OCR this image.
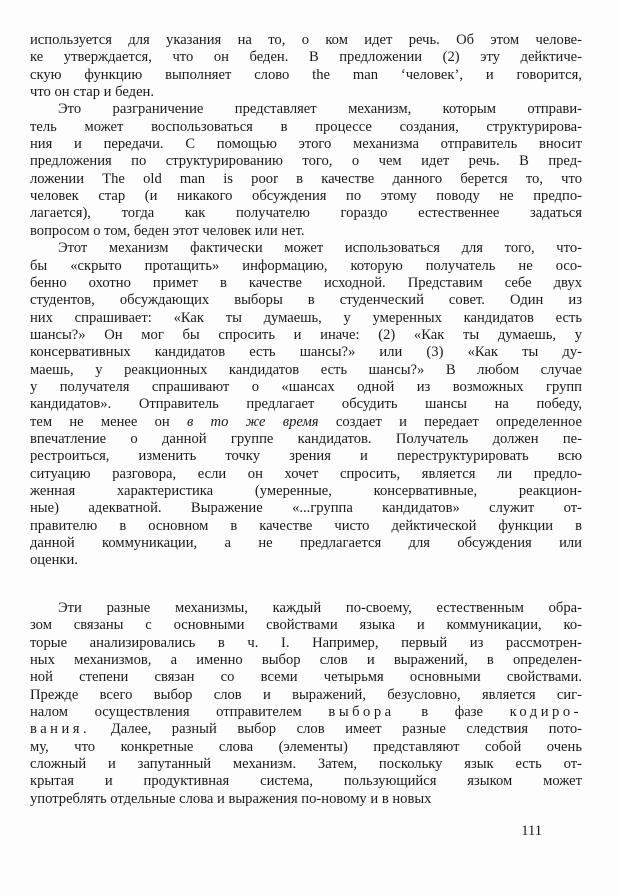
используется для указания на то, о ком идет речь. Об этом челове-
ке утверждается, что он беден. В предложении (2) эту дейктиче-
скую функцию выполняет слово the man ‘человек’, и говорится,
что он стар и беден.
Это разграничение представляет механизм, которым отправи-
тель может воспользоваться в процессе создания, структурирова-
ния и передачи. С помощью этого механизма отправитель вносит
предложения по структурированию того, о чем идет речь. В пред-
ложении The old man is poor в качестве данного берется то, что
человек стар (и никакого обсуждения по этому поводу не предпо-
лагается), тогда как получателю гораздо естественнее задаться
вопросом о том, беден этот человек или нет.
Этот механизм фактически может использоваться для того, что-
бы «скрыто протащить» информацию, которую получатель не осо-
бенно охотно примет в качестве исходной. Представим себе двух
студентов, обсуждающих выборы в студенческий совет. Один из
них спрашивает: «Как ты думаешь, у умеренных кандидатов есть
шансы?» Он мог бы спросить и иначе: (2) «Как ты думаешь, у
консервативных кандидатов есть шансы?» или (3) «Как ты ду-
маешь, у реакционных кандидатов есть шансы?» В любом случае
у получателя спрашивают о «шансах одной из возможных групп
кандидатов». Отправитель предлагает обсудить шансы на победу,
тем не менее он в то же время создает и передает определенное
впечатление о данной группе кандидатов. Получатель должен пе-
рестроиться, изменить точку зрения и переструктурировать всю
ситуацию разговора, если он хочет спросить, является ли предло-
женная характеристика (умеренные, консервативные, реакцион-
ные) адекватной. Выражение «...группа кандидатов» служит от-
правителю в основном в качестве чисто дейктической функции в
данной коммуникации, а не предлагается для обсуждения или
оценки.
Эти разные механизмы, каждый по-своему, естественным обра-
зом связаны с основными свойствами языка и коммуникации, ко-
торые анализировались в ч. I. Например, первый из рассмотрен-
ных механизмов, а именно выбор слов и выражений, в определен-
ной степени связан со всеми четырьмя основными свойствами.
Прежде всего выбор слов и выражений, безусловно, является сиг-
налом осуществления отправителем выбора в фазе кодиро-
вания. Далее, разный выбор слов имеет разные следствия пото-
му, что конкретные слова (элементы) представляют собой очень
сложный и запутанный механизм. Затем, поскольку язык есть от-
крытая и продуктивная система, пользующийся языком может
употреблять отдельные слова и выражения по-новому и в новых
111
